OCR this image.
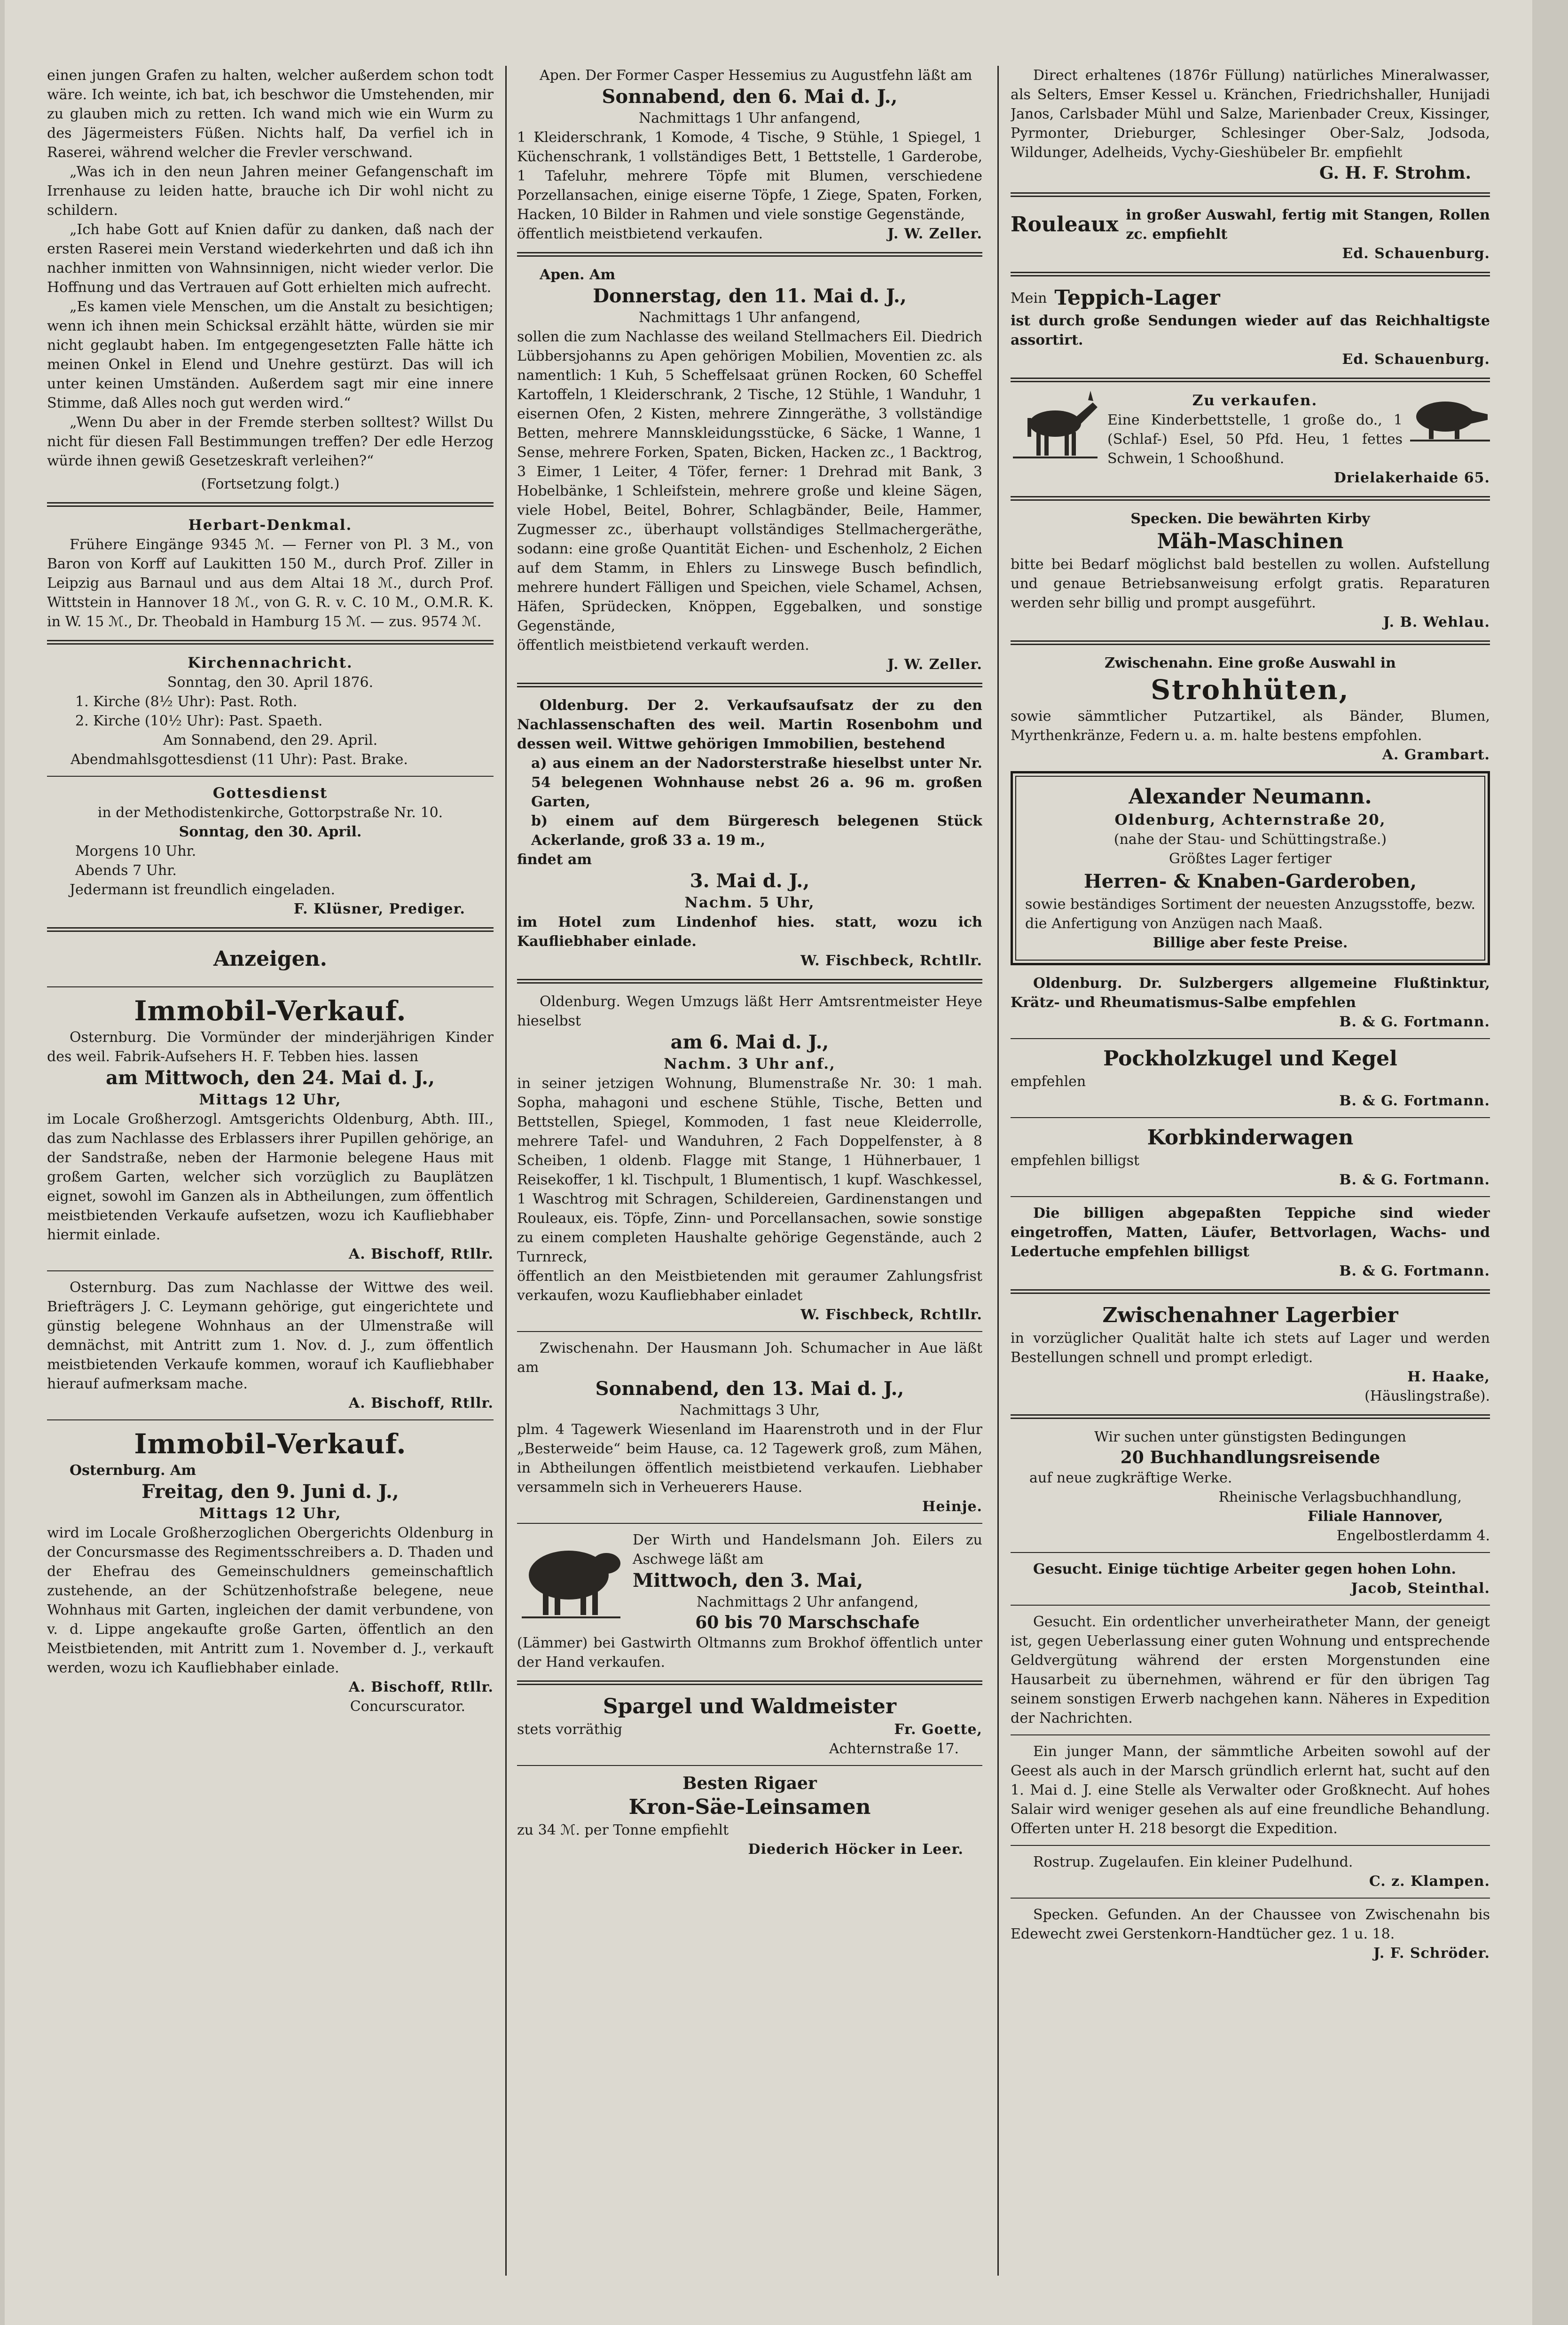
einen jungen Grafen zu halten, welcher außerdem schon todt wäre. Ich weinte, ich bat, ich beschwor die Umstehenden, mir zu glauben mich zu retten. Ich wand mich wie ein Wurm zu des Jägermeisters Füßen. Nichts half, Da verfiel ich in Raserei, während welcher die Frevler verschwand.

„Was ich in den neun Jahren meiner Gefangenschaft im Irrenhause zu leiden hatte, brauche ich Dir wohl nicht zu schildern.

„Ich habe Gott auf Knien dafür zu danken, daß nach der ersten Raserei mein Verstand wiederkehrten und daß ich ihn nachher inmitten von Wahnsinnigen, nicht wieder verlor. Die Hoffnung und das Vertrauen auf Gott erhielten mich aufrecht.

„Es kamen viele Menschen, um die Anstalt zu besichtigen; wenn ich ihnen mein Schicksal erzählt hätte, würden sie mir nicht geglaubt haben. Im entgegengesetzten Falle hätte ich meinen Onkel in Elend und Unehre gestürzt. Das will ich unter keinen Umständen. Außerdem sagt mir eine innere Stimme, daß Alles noch gut werden wird.“

„Wenn Du aber in der Fremde sterben solltest? Willst Du nicht für diesen Fall Bestimmungen treffen? Der edle Herzog würde ihnen gewiß Gesetzeskraft verleihen?“

(Fortsetzung folgt.)

Herbart-Denkmal.

Frühere Eingänge 9345 ℳ. — Ferner von Pl. 3 M., von Baron von Korff auf Laukitten 150 M., durch Prof. Ziller in Leipzig aus Barnaul und aus dem Altai 18 ℳ., durch Prof. Wittstein in Hannover 18 ℳ., von G. R. v. C. 10 M., O.M.R. K. in W. 15 ℳ., Dr. Theobald in Hamburg 15 ℳ. — zus. 9574 ℳ.

Kirchennachricht.

Sonntag, den 30. April 1876.

1. Kirche (8½ Uhr): Past. Roth.

2. Kirche (10½ Uhr): Past. Spaeth.

Am Sonnabend, den 29. April.

Abendmahlsgottesdienst (11 Uhr): Past. Brake.

Gottesdienst

in der Methodistenkirche, Gottorpstraße Nr. 10.

Sonntag, den 30. April.

Morgens 10 Uhr.

Abends 7 Uhr.

Jedermann ist freundlich eingeladen.

F. Klüsner, Prediger.
Anzeigen.
Immobil-Verkauf.

Osternburg. Die Vormünder der minderjährigen Kinder des weil. Fabrik-Aufsehers H. F. Tebben hies. lassen

am Mittwoch, den 24. Mai d. J.,
Mittags 12 Uhr,

im Locale Großherzogl. Amtsgerichts Oldenburg, Abth. III., das zum Nachlasse des Erblassers ihrer Pupillen gehörige, an der Sandstraße, neben der Harmonie belegene Haus mit großem Garten, welcher sich vorzüglich zu Bauplätzen eignet, sowohl im Ganzen als in Abtheilungen, zum öffentlich meistbietenden Verkaufe aufsetzen, wozu ich Kaufliebhaber hiermit einlade.

A. Bischoff, Rtllr.

Osternburg. Das zum Nachlasse der Wittwe des weil. Briefträgers J. C. Leymann gehörige, gut eingerichtete und günstig belegene Wohnhaus an der Ulmenstraße will demnächst, mit Antritt zum 1. Nov. d. J., zum öffentlich meistbietenden Verkaufe kommen, worauf ich Kaufliebhaber hierauf aufmerksam mache.

A. Bischoff, Rtllr.
Immobil-Verkauf.

Osternburg. Am

Freitag, den 9. Juni d. J.,
Mittags 12 Uhr,

wird im Locale Großherzoglichen Obergerichts Oldenburg in der Concursmasse des Regimentsschreibers a. D. Thaden und der Ehefrau des Gemeinschuldners gemeinschaftlich zustehende, an der Schützenhofstraße belegene, neue Wohnhaus mit Garten, ingleichen der damit verbundene, von v. d. Lippe angekaufte große Garten, öffentlich an den Meistbietenden, mit Antritt zum 1. November d. J., verkauft werden, wozu ich Kaufliebhaber einlade.

A. Bischoff, Rtllr.
Concurscurator.

Apen. Der Former Casper Hessemius zu Augustfehn läßt am

Sonnabend, den 6. Mai d. J.,

Nachmittags 1 Uhr anfangend,

1 Kleiderschrank, 1 Komode, 4 Tische, 9 Stühle, 1 Spiegel, 1 Küchenschrank, 1 vollständiges Bett, 1 Bettstelle, 1 Garderobe, 1 Tafeluhr, mehrere Töpfe mit Blumen, verschiedene Porzellansachen, einige eiserne Töpfe, 1 Ziege, Spaten, Forken, Hacken, 10 Bilder in Rahmen und viele sonstige Gegenstände,

öffentlich meistbietend verkaufen.	J. W. Zeller.

Apen. Am

Donnerstag, den 11. Mai d. J.,

Nachmittags 1 Uhr anfangend,

sollen die zum Nachlasse des weiland Stellmachers Eil. Diedrich Lübbersjohanns zu Apen gehörigen Mobilien, Moventien zc. als namentlich: 1 Kuh, 5 Scheffelsaat grünen Rocken, 60 Scheffel Kartoffeln, 1 Kleiderschrank, 2 Tische, 12 Stühle, 1 Wanduhr, 1 eisernen Ofen, 2 Kisten, mehrere Zinngeräthe, 3 vollständige Betten, mehrere Mannskleidungsstücke, 6 Säcke, 1 Wanne, 1 Sense, mehrere Forken, Spaten, Bicken, Hacken zc., 1 Backtrog, 3 Eimer, 1 Leiter, 4 Töfer, ferner: 1 Drehrad mit Bank, 3 Hobelbänke, 1 Schleifstein, mehrere große und kleine Sägen, viele Hobel, Beitel, Bohrer, Schlagbänder, Beile, Hammer, Zugmesser zc., überhaupt vollständiges Stellmachergeräthe, sodann: eine große Quantität Eichen- und Eschenholz, 2 Eichen auf dem Stamm, in Ehlers zu Linswege Busch befindlich, mehrere hundert Fälligen und Speichen, viele Schamel, Achsen, Häfen, Sprüdecken, Knöppen, Eggebalken, und sonstige Gegenstände,

öffentlich meistbietend verkauft werden.

J. W. Zeller.

Oldenburg. Der 2. Verkaufsaufsatz der zu den Nachlassenschaften des weil. Martin Rosenbohm und dessen weil. Wittwe gehörigen Immobilien, bestehend

a) aus einem an der Nadorsterstraße hieselbst unter Nr. 54 belegenen Wohnhause nebst 26 a. 96 m. großen Garten,

b) einem auf dem Bürgeresch belegenen Stück Ackerlande, groß 33 a. 19 m.,

findet am

3. Mai d. J.,
Nachm. 5 Uhr,

im Hotel zum Lindenhof hies. statt, wozu ich Kaufliebhaber einlade.

W. Fischbeck, Rchtllr.

Oldenburg. Wegen Umzugs läßt Herr Amtsrentmeister Heye hieselbst

am 6. Mai d. J.,
Nachm. 3 Uhr anf.,

in seiner jetzigen Wohnung, Blumenstraße Nr. 30: 1 mah. Sopha, mahagoni und eschene Stühle, Tische, Betten und Bettstellen, Spiegel, Kommoden, 1 fast neue Kleiderrolle, mehrere Tafel- und Wanduhren, 2 Fach Doppelfenster, à 8 Scheiben, 1 oldenb. Flagge mit Stange, 1 Hühnerbauer, 1 Reisekoffer, 1 kl. Tischpult, 1 Blumentisch, 1 kupf. Waschkessel, 1 Waschtrog mit Schragen, Schildereien, Gardinenstangen und Rouleaux, eis. Töpfe, Zinn- und Porcellansachen, sowie sonstige zu einem completen Haushalte gehörige Gegenstände, auch 2 Turnreck,

öffentlich an den Meistbietenden mit geraumer Zahlungsfrist verkaufen, wozu Kaufliebhaber einladet

W. Fischbeck, Rchtllr.

Zwischenahn. Der Hausmann Joh. Schumacher in Aue läßt am

Sonnabend, den 13. Mai d. J.,

Nachmittags 3 Uhr,

plm. 4 Tagewerk Wiesenland im Haarenstroth und in der Flur „Besterweide“ beim Hause, ca. 12 Tagewerk groß, zum Mähen, in Abtheilungen öffentlich meistbietend verkaufen. Liebhaber versammeln sich in Verheuerers Hause.

Heinje.

Der Wirth und Handelsmann Joh. Eilers zu Aschwege läßt am

Mittwoch, den 3. Mai,

Nachmittags 2 Uhr anfangend,

60 bis 70 Marschschafe

(Lämmer) bei Gastwirth Oltmanns zum Brokhof öffentlich unter der Hand verkaufen.

Spargel und Waldmeister
stets vorräthig	Fr. Goette,
Achternstraße 17.
Besten Rigaer
Kron-Säe-Leinsamen

zu 34 ℳ. per Tonne empfiehlt

Diederich Höcker in Leer.

Direct erhaltenes (1876r Füllung) natürliches Mineralwasser, als Selters, Emser Kessel u. Kränchen, Friedrichshaller, Hunijadi Janos, Carlsbader Mühl und Salze, Marienbader Creux, Kissinger, Pyrmonter, Drieburger, Schlesinger Ober-Salz, Jodsoda, Wildunger, Adelheids, Vychy-Gieshübeler Br. empfiehlt

G. H. F. Strohm.
Rouleaux in großer Auswahl, fertig mit Stangen, Rollen zc. empfiehlt
Ed. Schauenburg.
Mein Teppich-Lager

ist durch große Sendungen wieder auf das Reichhaltigste assortirt.

Ed. Schauenburg.
Zu verkaufen.

Eine Kinderbettstelle, 1 große do., 1 (Schlaf-) Esel, 50 Pfd. Heu, 1 fettes Schwein, 1 Schooßhund.

Drielakerhaide 65.

Specken. Die bewährten Kirby

Mäh-Maschinen

bitte bei Bedarf möglichst bald bestellen zu wollen. Aufstellung und genaue Betriebsanweisung erfolgt gratis. Reparaturen werden sehr billig und prompt ausgeführt.

J. B. Wehlau.

Zwischenahn. Eine große Auswahl in

Strohhüten,

sowie sämmtlicher Putzartikel, als Bänder, Blumen, Myrthenkränze, Federn u. a. m. halte bestens empfohlen.

A. Grambart.
Alexander Neumann.
Oldenburg, Achternstraße 20,

(nahe der Stau- und Schüttingstraße.)

Größtes Lager fertiger

Herren- & Knaben-Garderoben,

sowie beständiges Sortiment der neuesten Anzugsstoffe, bezw. die Anfertigung von Anzügen nach Maaß.

Billige aber feste Preise.

Oldenburg. Dr. Sulzbergers allgemeine Flußtinktur, Krätz- und Rheumatismus-Salbe empfehlen

B. & G. Fortmann.
Pockholzkugel und Kegel

empfehlen

B. & G. Fortmann.
Korbkinderwagen

empfehlen billigst

B. & G. Fortmann.

Die billigen abgepaßten Teppiche sind wieder eingetroffen, Matten, Läufer, Bettvorlagen, Wachs- und Ledertuche empfehlen billigst

B. & G. Fortmann.
Zwischenahner Lagerbier

in vorzüglicher Qualität halte ich stets auf Lager und werden Bestellungen schnell und prompt erledigt.

H. Haake,
(Häuslingstraße).

Wir suchen unter günstigsten Bedingungen

20 Buchhandlungsreisende

auf neue zugkräftige Werke.

Rheinische Verlagsbuchhandlung,
Filiale Hannover,
Engelbostlerdamm 4.

Gesucht. Einige tüchtige Arbeiter gegen hohen Lohn.

Jacob, Steinthal.

Gesucht. Ein ordentlicher unverheiratheter Mann, der geneigt ist, gegen Ueberlassung einer guten Wohnung und entsprechende Geldvergütung während der ersten Morgenstunden eine Hausarbeit zu übernehmen, während er für den übrigen Tag seinem sonstigen Erwerb nachgehen kann. Näheres in Expedition der Nachrichten.

Ein junger Mann, der sämmtliche Arbeiten sowohl auf der Geest als auch in der Marsch gründlich erlernt hat, sucht auf den 1. Mai d. J. eine Stelle als Verwalter oder Großknecht. Auf hohes Salair wird weniger gesehen als auf eine freundliche Behandlung. Offerten unter H. 218 besorgt die Expedition.

Rostrup. Zugelaufen. Ein kleiner Pudelhund.

C. z. Klampen.

Specken. Gefunden. An der Chaussee von Zwischenahn bis Edewecht zwei Gerstenkorn-Handtücher gez. 1 u. 18.

J. F. Schröder.
